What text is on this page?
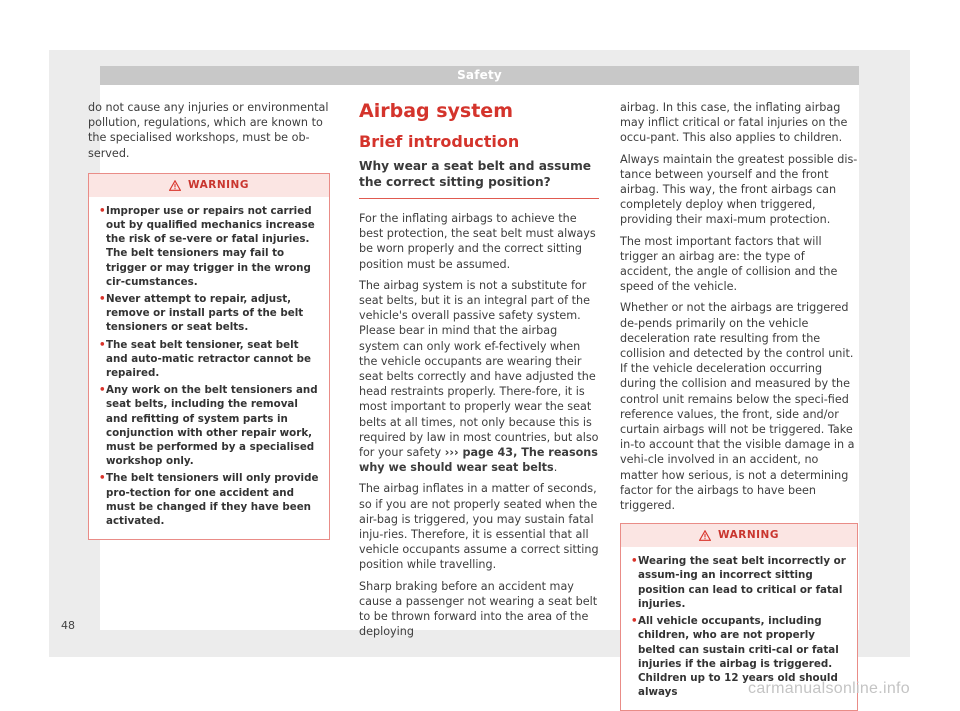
Safety

do not cause any injuries or environmental pollution, regulations, which are known to the specialised workshops, must be ob-served.

WARNING
• Improper use or repairs not carried out by qualified mechanics increase the risk of se-vere or fatal injuries. The belt tensioners may fail to trigger or may trigger in the wrong cir-cumstances.
• Never attempt to repair, adjust, remove or install parts of the belt tensioners or seat belts.
• The seat belt tensioner, seat belt and auto-matic retractor cannot be repaired.
• Any work on the belt tensioners and seat belts, including the removal and refitting of system parts in conjunction with other repair work, must be performed by a specialised workshop only.
• The belt tensioners will only provide pro-tection for one accident and must be changed if they have been activated.
Airbag system
Brief introduction
Why wear a seat belt and assume the correct sitting position?

For the inflating airbags to achieve the best protection, the seat belt must always be worn properly and the correct sitting position must be assumed.

The airbag system is not a substitute for seat belts, but it is an integral part of the vehicle's overall passive safety system. Please bear in mind that the airbag system can only work ef-fectively when the vehicle occupants are wearing their seat belts correctly and have adjusted the head restraints properly. There-fore, it is most important to properly wear the seat belts at all times, not only because this is required by law in most countries, but also for your safety ››› page 43, The reasons why we should wear seat belts.

The airbag inflates in a matter of seconds, so if you are not properly seated when the air-bag is triggered, you may sustain fatal inju-ries. Therefore, it is essential that all vehicle occupants assume a correct sitting position while travelling.

Sharp braking before an accident may cause a passenger not wearing a seat belt to be thrown forward into the area of the deploying

airbag. In this case, the inflating airbag may inflict critical or fatal injuries on the occu-pant. This also applies to children.

Always maintain the greatest possible dis-tance between yourself and the front airbag. This way, the front airbags can completely deploy when triggered, providing their maxi-mum protection.

The most important factors that will trigger an airbag are: the type of accident, the angle of collision and the speed of the vehicle.

Whether or not the airbags are triggered de-pends primarily on the vehicle deceleration rate resulting from the collision and detected by the control unit. If the vehicle deceleration occurring during the collision and measured by the control unit remains below the speci-fied reference values, the front, side and/or curtain airbags will not be triggered. Take in-to account that the visible damage in a vehi-cle involved in an accident, no matter how serious, is not a determining factor for the airbags to have been triggered.

WARNING
• Wearing the seat belt incorrectly or assum-ing an incorrect sitting position can lead to critical or fatal injuries.
• All vehicle occupants, including children, who are not properly belted can sustain criti-cal or fatal injuries if the airbag is triggered. Children up to 12 years old should always
48
carmanualsonline.info
